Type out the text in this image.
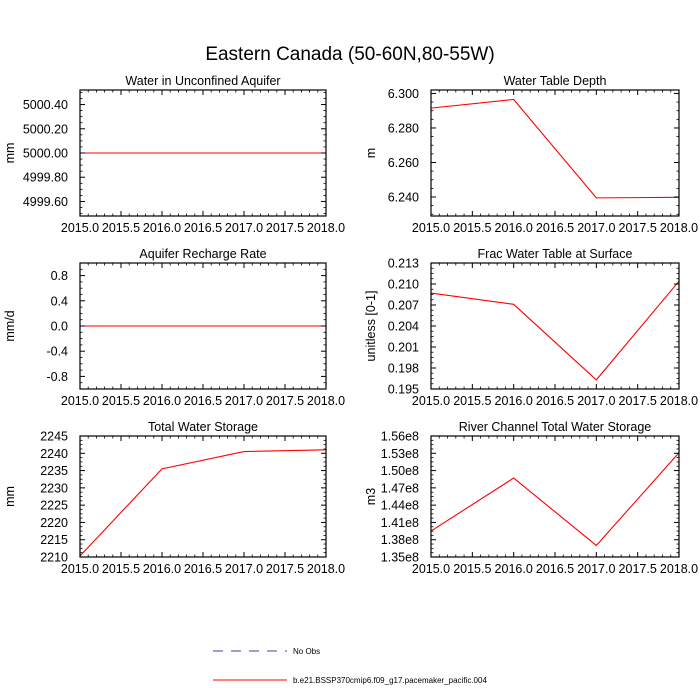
Eastern Canada (50-60N,80-55W)
2015.0 2015.5 2016.0 2016.5 2017.0 2017.5 2018.0
4999.60
4999.80
5000.00
5000.20
5000.40
Water in Unconfined Aquifer
mm
2015.0 2015.5 2016.0 2016.5 2017.0 2017.5 2018.0
6.240
6.260
6.280
6.300
Water Table Depth
m
2015.0 2015.5 2016.0 2016.5 2017.0 2017.5 2018.0
-0.8
-0.4
0.0
0.4
0.8
Aquifer Recharge Rate
mm/d
2015.0 2015.5 2016.0 2016.5 2017.0 2017.5 2018.0
0.195
0.198
0.201
0.204
0.207
0.210
0.213
Frac Water Table at Surface
unitless [0-1]
2015.0 2015.5 2016.0 2016.5 2017.0 2017.5 2018.0
2210
2215
2220
2225
2230
2235
2240
2245
Total Water Storage
mm
2015.0 2015.5 2016.0 2016.5 2017.0 2017.5 2018.0
1.35e8
1.38e8
1.41e8
1.44e8
1.47e8
1.50e8
1.53e8
1.56e8
River Channel Total Water Storage
m3
No Obs
b.e21.BSSP370cmip6.f09_g17.pacemaker_pacific.004
